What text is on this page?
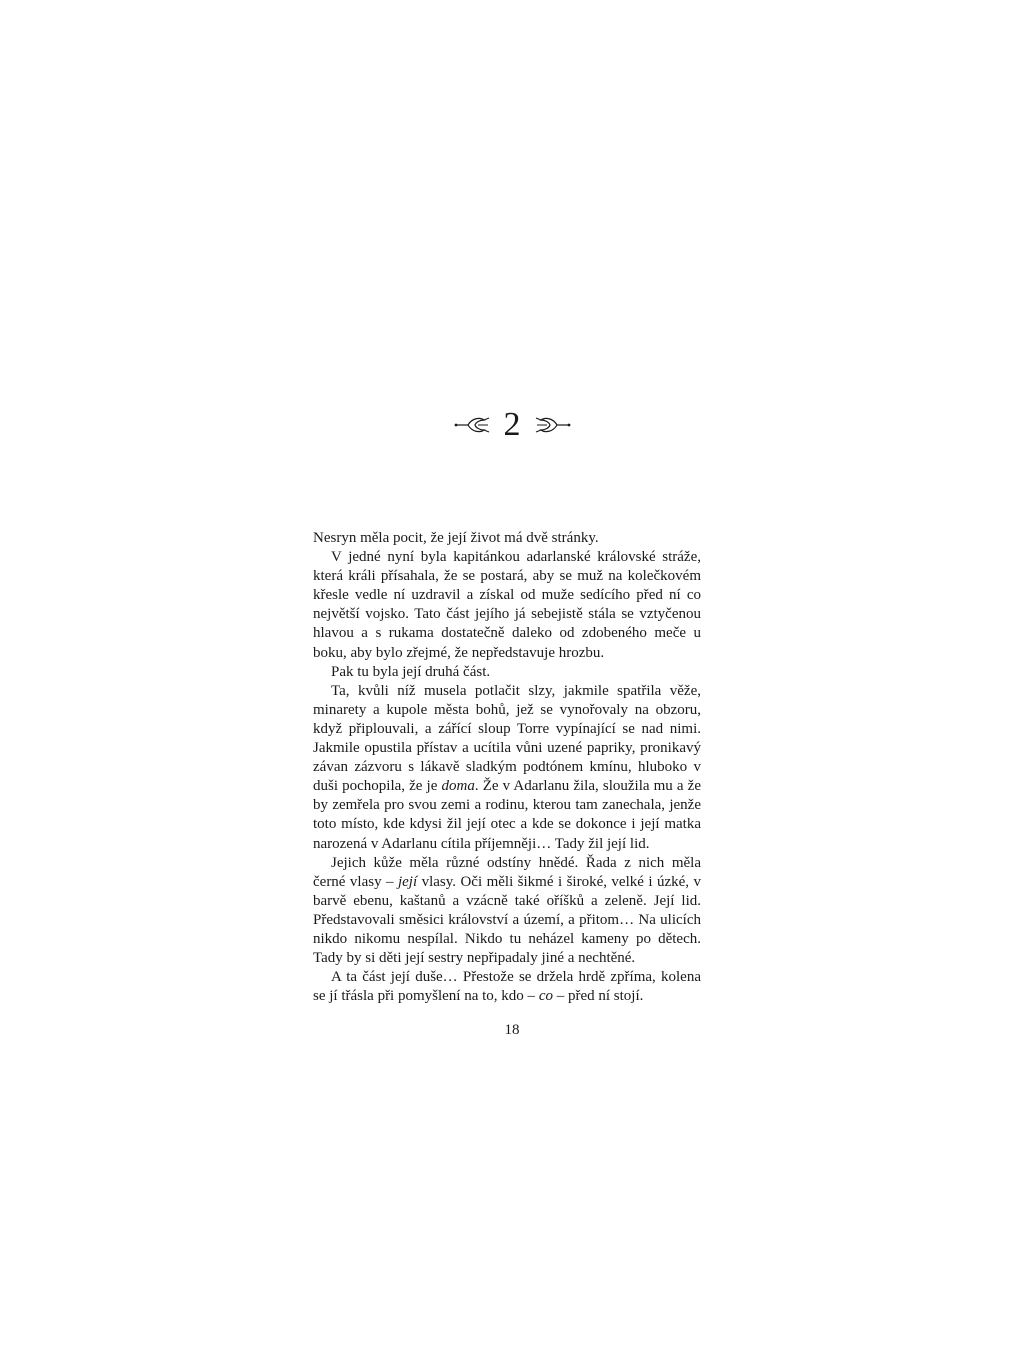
2

Nesryn měla pocit, že její život má dvě stránky.

V jedné nyní byla kapitánkou adarlanské královské stráže, která králi přísahala, že se postará, aby se muž na kolečkovém křesle vedle ní uzdravil a získal od muže sedícího před ní co největší vojsko. Tato část jejího já sebejistě stála se vztyčenou hlavou a s rukama dostatečně daleko od zdobeného meče u boku, aby bylo zřejmé, že nepředstavuje hrozbu.

Pak tu byla její druhá část.

Ta, kvůli níž musela potlačit slzy, jakmile spatřila věže, minarety a kupole města bohů, jež se vynořovaly na obzoru, když připlouvali, a zářící sloup Torre vypínající se nad nimi. Jakmile opustila přístav a ucítila vůni uzené papriky, pronikavý závan zázvoru s lákavě sladkým podtónem kmínu, hluboko v duši pochopila, že je doma. Že v Adarlanu žila, sloužila mu a že by zemřela pro svou zemi a rodinu, kterou tam zanechala, jenže toto místo, kde kdysi žil její otec a kde se dokonce i její matka narozená v Adarlanu cítila příjemněji… Tady žil její lid.

Jejich kůže měla různé odstíny hnědé. Řada z nich měla černé vlasy – její vlasy. Oči měli šikmé i široké, velké i úzké, v barvě ebenu, kaštanů a vzácně také oříšků a zeleně. Její lid. Představovali směsici království a území, a přitom… Na ulicích nikdo nikomu nespílal. Nikdo tu neházel kameny po dětech. Tady by si děti její sestry nepřipadaly jiné a nechtěné.

A ta část její duše… Přestože se držela hrdě zpříma, kolena se jí třásla při pomyšlení na to, kdo – co – před ní stojí.

18
